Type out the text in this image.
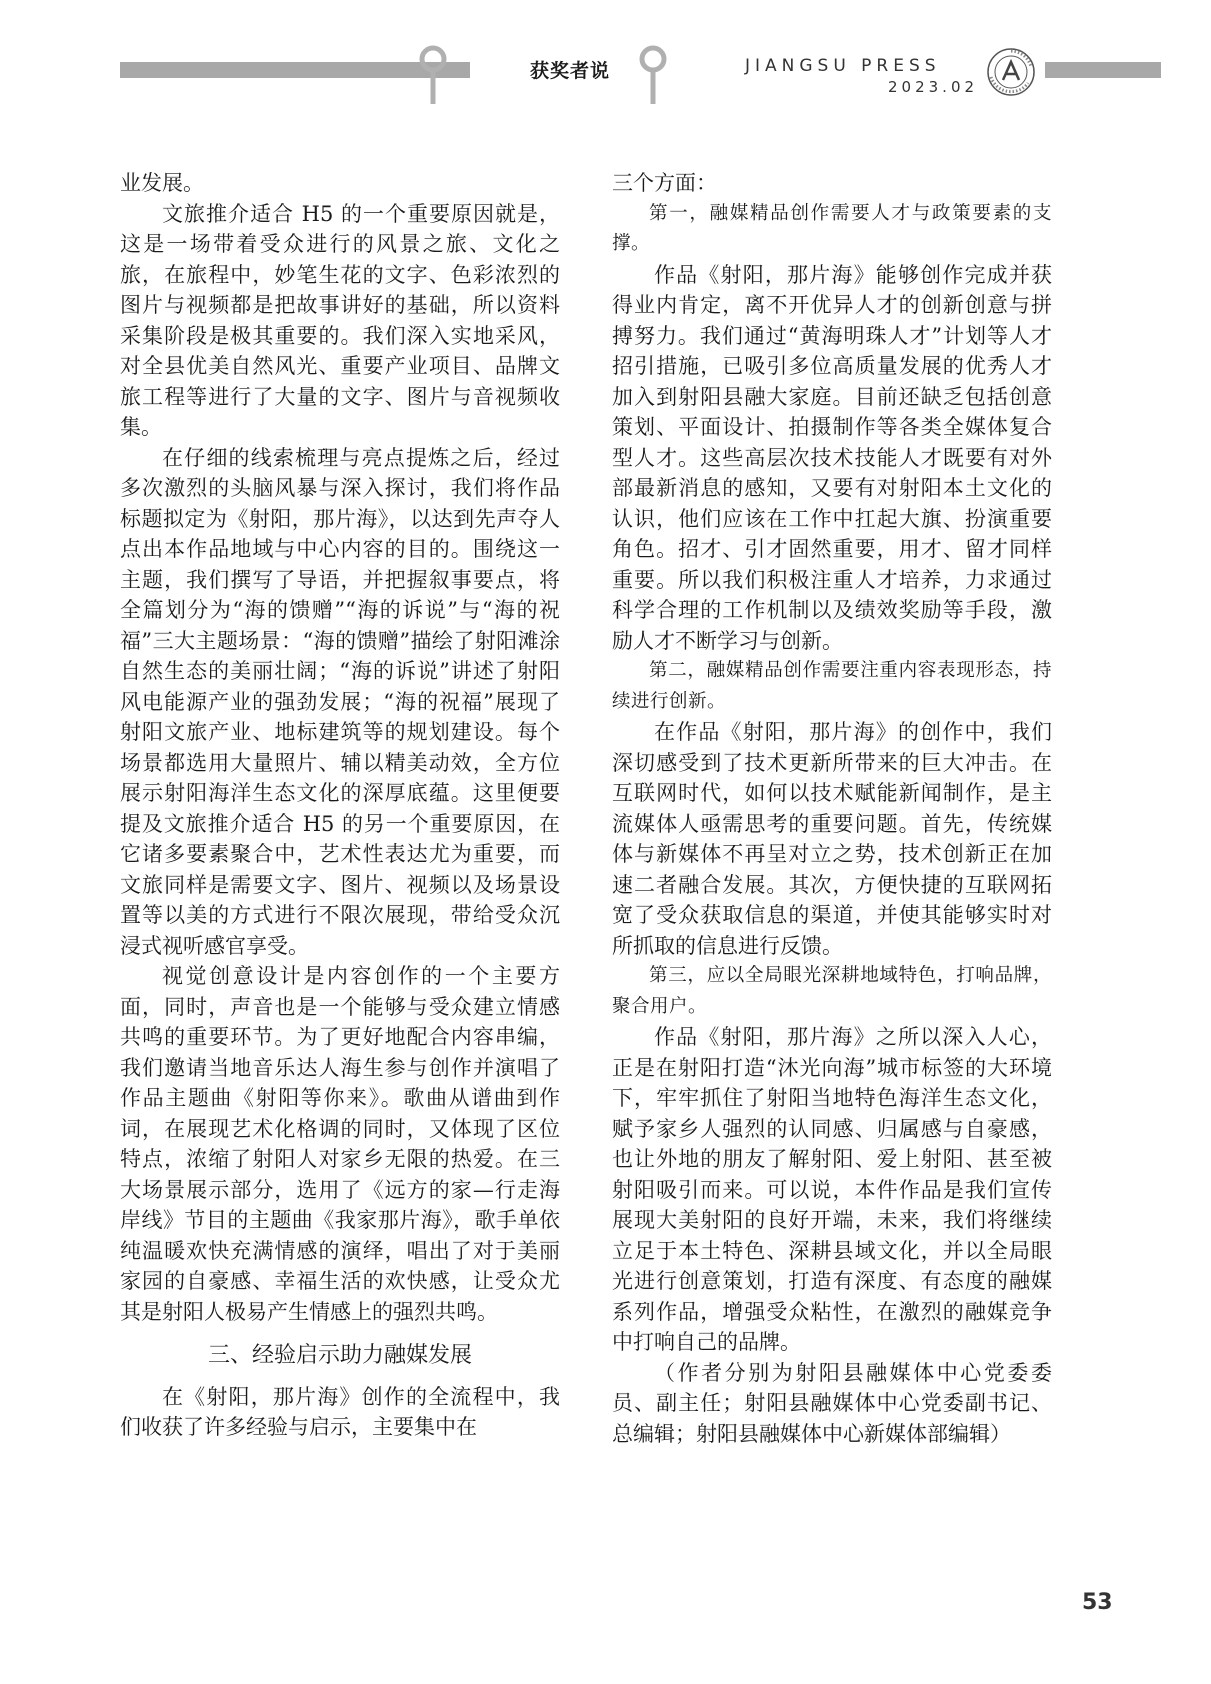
获奖者说	JIANGSU PRESS
2023.02

业发展。

文旅推介适合 H5 的一个重要原因就是，这是一场带着受众进行的风景之旅、文化之旅，在旅程中，妙笔生花的文字、色彩浓烈的图片与视频都是把故事讲好的基础，所以资料采集阶段是极其重要的。我们深入实地采风，对全县优美自然风光、重要产业项目、品牌文旅工程等进行了大量的文字、图片与音视频收集。

在仔细的线索梳理与亮点提炼之后，经过多次激烈的头脑风暴与深入探讨，我们将作品标题拟定为《射阳，那片海》，以达到先声夺人点出本作品地域与中心内容的目的。围绕这一主题，我们撰写了导语，并把握叙事要点，将全篇划分为“海的馈赠”“海的诉说”与“海的祝福”三大主题场景：“海的馈赠”描绘了射阳滩涂自然生态的美丽壮阔；“海的诉说”讲述了射阳风电能源产业的强劲发展；“海的祝福”展现了射阳文旅产业、地标建筑等的规划建设。每个场景都选用大量照片、辅以精美动效，全方位展示射阳海洋生态文化的深厚底蕴。这里便要提及文旅推介适合 H5 的另一个重要原因，在它诸多要素聚合中，艺术性表达尤为重要，而文旅同样是需要文字、图片、视频以及场景设置等以美的方式进行不限次展现，带给受众沉浸式视听感官享受。

视觉创意设计是内容创作的一个主要方面，同时，声音也是一个能够与受众建立情感共鸣的重要环节。为了更好地配合内容串编，我们邀请当地音乐达人海生参与创作并演唱了作品主题曲《射阳等你来》。歌曲从谱曲到作词，在展现艺术化格调的同时，又体现了区位特点，浓缩了射阳人对家乡无限的热爱。在三大场景展示部分，选用了《远方的家—行走海岸线》节目的主题曲《我家那片海》，歌手单依纯温暖欢快充满情感的演绎，唱出了对于美丽家园的自豪感、幸福生活的欢快感，让受众尤其是射阳人极易产生情感上的强烈共鸣。

三、经验启示助力融媒发展

在《射阳，那片海》创作的全流程中，我们收获了许多经验与启示，主要集中在

三个方面：

第一，融媒精品创作需要人才与政策要素的支撑。

作品《射阳，那片海》能够创作完成并获得业内肯定，离不开优异人才的创新创意与拼搏努力。我们通过“黄海明珠人才”计划等人才招引措施，已吸引多位高质量发展的优秀人才加入到射阳县融大家庭。目前还缺乏包括创意策划、平面设计、拍摄制作等各类全媒体复合型人才。这些高层次技术技能人才既要有对外部最新消息的感知，又要有对射阳本土文化的认识，他们应该在工作中扛起大旗、扮演重要角色。招才、引才固然重要，用才、留才同样重要。所以我们积极注重人才培养，力求通过科学合理的工作机制以及绩效奖励等手段，激励人才不断学习与创新。

第二，融媒精品创作需要注重内容表现形态，持续进行创新。

在作品《射阳，那片海》的创作中，我们深切感受到了技术更新所带来的巨大冲击。在互联网时代，如何以技术赋能新闻制作，是主流媒体人亟需思考的重要问题。首先，传统媒体与新媒体不再呈对立之势，技术创新正在加速二者融合发展。其次，方便快捷的互联网拓宽了受众获取信息的渠道，并使其能够实时对所抓取的信息进行反馈。

第三，应以全局眼光深耕地域特色，打响品牌，聚合用户。

作品《射阳，那片海》之所以深入人心，正是在射阳打造“沐光向海”城市标签的大环境下，牢牢抓住了射阳当地特色海洋生态文化，赋予家乡人强烈的认同感、归属感与自豪感，也让外地的朋友了解射阳、爱上射阳、甚至被射阳吸引而来。可以说，本件作品是我们宣传展现大美射阳的良好开端，未来，我们将继续立足于本土特色、深耕县域文化，并以全局眼光进行创意策划，打造有深度、有态度的融媒系列作品，增强受众粘性，在激烈的融媒竞争中打响自己的品牌。

（作者分别为射阳县融媒体中心党委委员、副主任；射阳县融媒体中心党委副书记、总编辑；射阳县融媒体中心新媒体部编辑）

53
